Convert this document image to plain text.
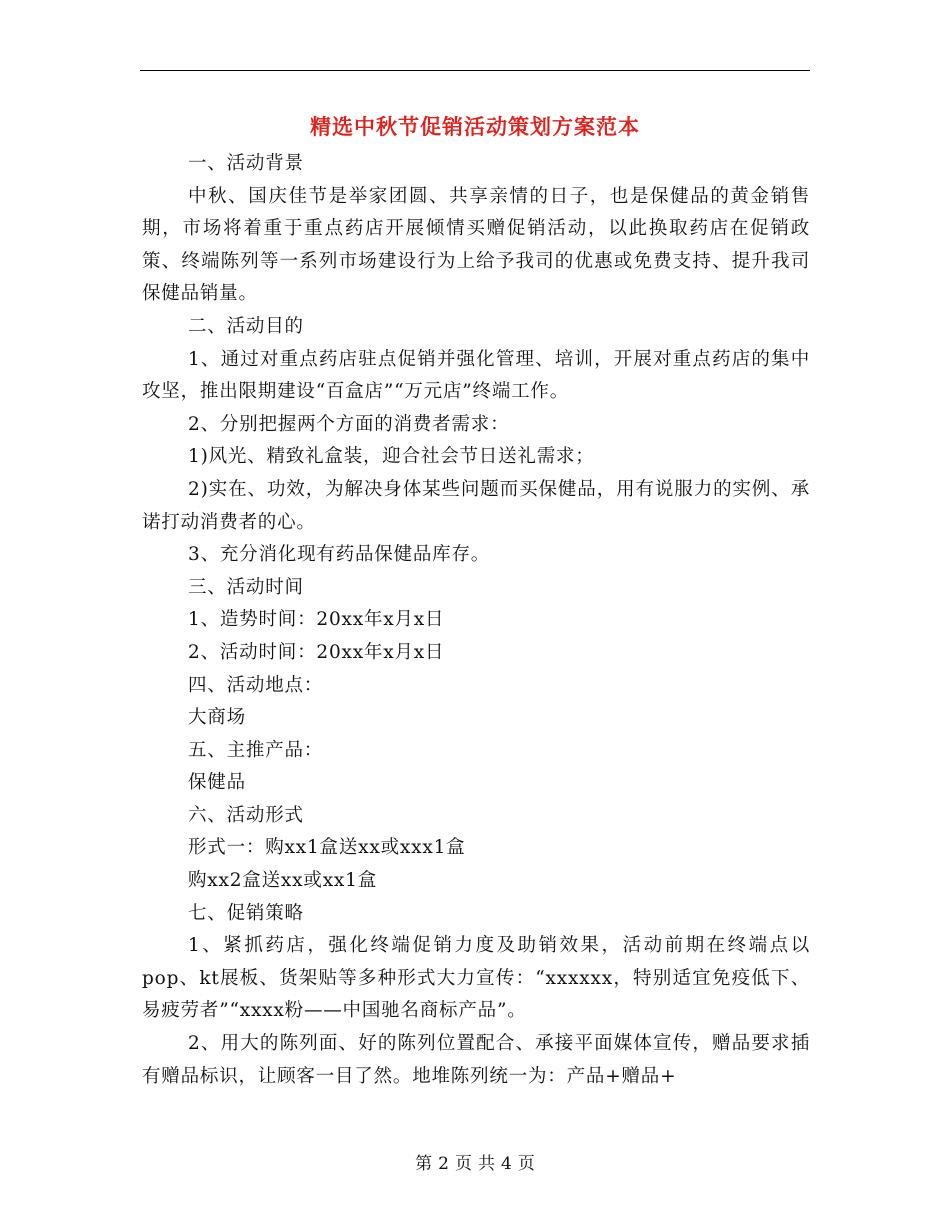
精选中秋节促销活动策划方案范本

一、活动背景

中秋、国庆佳节是举家团圆、共享亲情的日子，也是保健品的黄金销售期，市场将着重于重点药店开展倾情买赠促销活动，以此换取药店在促销政策、终端陈列等一系列市场建设行为上给予我司的优惠或免费支持、提升我司保健品销量。

二、活动目的

1、通过对重点药店驻点促销并强化管理、培训，开展对重点药店的集中攻坚，推出限期建设“百盒店”“万元店”终端工作。

2、分别把握两个方面的消费者需求：

1)风光、精致礼盒装，迎合社会节日送礼需求；

2)实在、功效，为解决身体某些问题而买保健品，用有说服力的实例、承诺打动消费者的心。

3、充分消化现有药品保健品库存。

三、活动时间

1、造势时间：20xx年x月x日

2、活动时间：20xx年x月x日

四、活动地点：

大商场

五、主推产品：

保健品

六、活动形式

形式一：购xx1盒送xx或xxx1盒

购xx2盒送xx或xx1盒

七、促销策略

1、紧抓药店，强化终端促销力度及助销效果，活动前期在终端点以pop、kt展板、货架贴等多种形式大力宣传：“xxxxxx，特别适宜免疫低下、易疲劳者”“xxxx粉——中国驰名商标产品”。

2、用大的陈列面、好的陈列位置配合、承接平面媒体宣传，赠品要求插有赠品标识，让顾客一目了然。地堆陈列统一为：产品+赠品+

第 2 页 共 4 页
